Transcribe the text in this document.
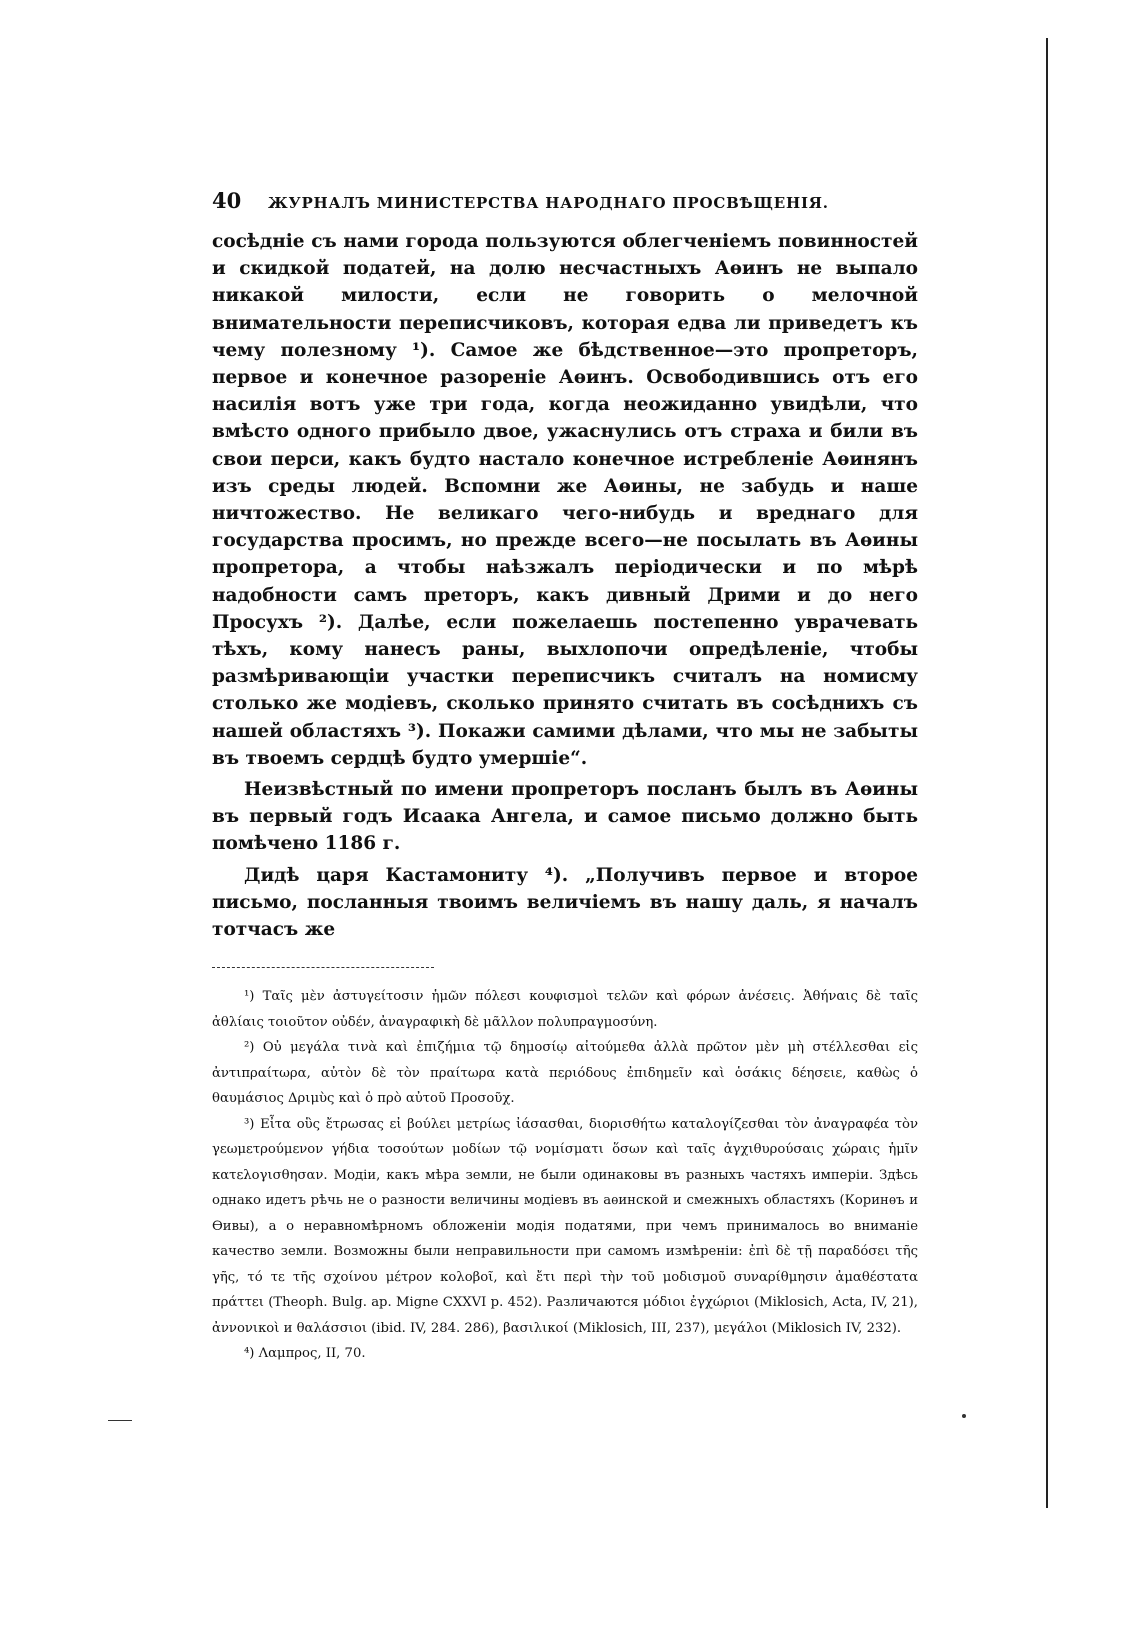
40	ЖУРНАЛЪ МИНИСТЕРСТВА НАРОДНАГО ПРОСВѢЩЕНІЯ.

сосѣдніе съ нами города пользуются облегченіемъ повинностей и скидкой податей, на долю несчастныхъ Аѳинъ не выпало никакой милости, если не говорить о мелочной внимательности переписчиковъ, которая едва ли приведетъ къ чему полезному ¹). Самое же бѣдственное—это пропреторъ, первое и конечное разореніе Аѳинъ. Освободившись отъ его насилія вотъ уже три года, когда неожиданно увидѣли, что вмѣсто одного прибыло двое, ужаснулись отъ страха и били въ свои перси, какъ будто настало конечное истребленіе Аѳинянъ изъ среды людей. Вспомни же Аѳины, не забудь и наше ничтожество. Не великаго чего-нибудь и вреднаго для государства просимъ, но прежде всего—не посылать въ Аѳины пропретора, а чтобы наѣзжалъ періодически и по мѣрѣ надобности самъ преторъ, какъ дивный Дрими и до него Просухъ ²). Далѣе, если пожелаешь постепенно уврачевать тѣхъ, кому нанесъ раны, выхлопочи опредѣленіе, чтобы размѣривающіи участки переписчикъ считалъ на номисму столько же модіевъ, сколько принято считать въ сосѣднихъ съ нашей областяхъ ³). Покажи самими дѣлами, что мы не забыты въ твоемъ сердцѣ будто умершіе“.

Неизвѣстный по имени пропреторъ посланъ былъ въ Аѳины въ первый годъ Исаака Ангела, и самое письмо должно быть помѣчено 1186 г.

Дидѣ царя Кастамониту ⁴). „Получивъ первое и второе письмо, посланныя твоимъ величіемъ въ нашу даль, я началъ тотчасъ же

¹) Ταῖς μὲν ἀστυγείτοσιν ἡμῶν πόλεσι κουφισμοὶ τελῶν καὶ φόρων ἀνέσεις. Ἀθήναις δὲ ταῖς ἀθλίαις τοιοῦτον οὐδέν, ἀναγραφικὴ δὲ μᾶλλον πολυπραγμοσύνη.

²) Οὐ μεγάλα τινὰ καὶ ἐπιζήμια τῷ δημοσίῳ αἰτούμεθα ἀλλὰ πρῶτον μὲν μὴ στέλλεσθαι εἰς ἀντιπραίτωρα, αὐτὸν δὲ τὸν πραίτωρα κατὰ περιόδους ἐπιδημεῖν καὶ ὁσάκις δέησειε, καθὼς ὁ θαυμάσιος Δριμὺς καὶ ὁ πρὸ αὐτοῦ Προσοῦχ.

³) Εἶτα οὓς ἔτρωσας εἰ βούλει μετρίως ἰάσασθαι, διορισθήτω καταλογίζεσθαι τὸν ἀναγραφέα τὸν γεωμετρούμενον γήδια τοσούτων μοδίων τῷ νομίσματι ὅσων καὶ ταῖς ἀγχιθυρούσαις χώραις ἡμῖν κατελογισθησαν. Модіи, какъ мѣра земли, не были одинаковы въ разныхъ частяхъ имперіи. Здѣсь однако идетъ рѣчь не о разности величины модіевъ въ аѳинской и смежныхъ областяхъ (Коринѳъ и Ѳивы), а о неравномѣрномъ обложеніи модія податями, при чемъ принималось во вниманіе качество земли. Возможны были неправильности при самомъ измѣреніи: ἐπὶ δὲ τῇ παραδόσει τῆς γῆς, τό τε τῆς σχοίνου μέτρον κολοβοῖ, καὶ ἔτι περὶ τὴν τοῦ μοδισμοῦ συναρίθμησιν ἀμαθέστατα πράττει (Theoph. Bulg. ap. Migne CXXVI p. 452). Различаются μόδιοι ἐγχώριοι (Miklosich, Acta, IV, 21), ἀννονικοὶ и θαλάσσιοι (ibid. IV, 284. 286), βασιλικοί (Miklosich, III, 237), μεγάλοι (Miklosich IV, 232).

⁴) Λαμπρος, II, 70.
